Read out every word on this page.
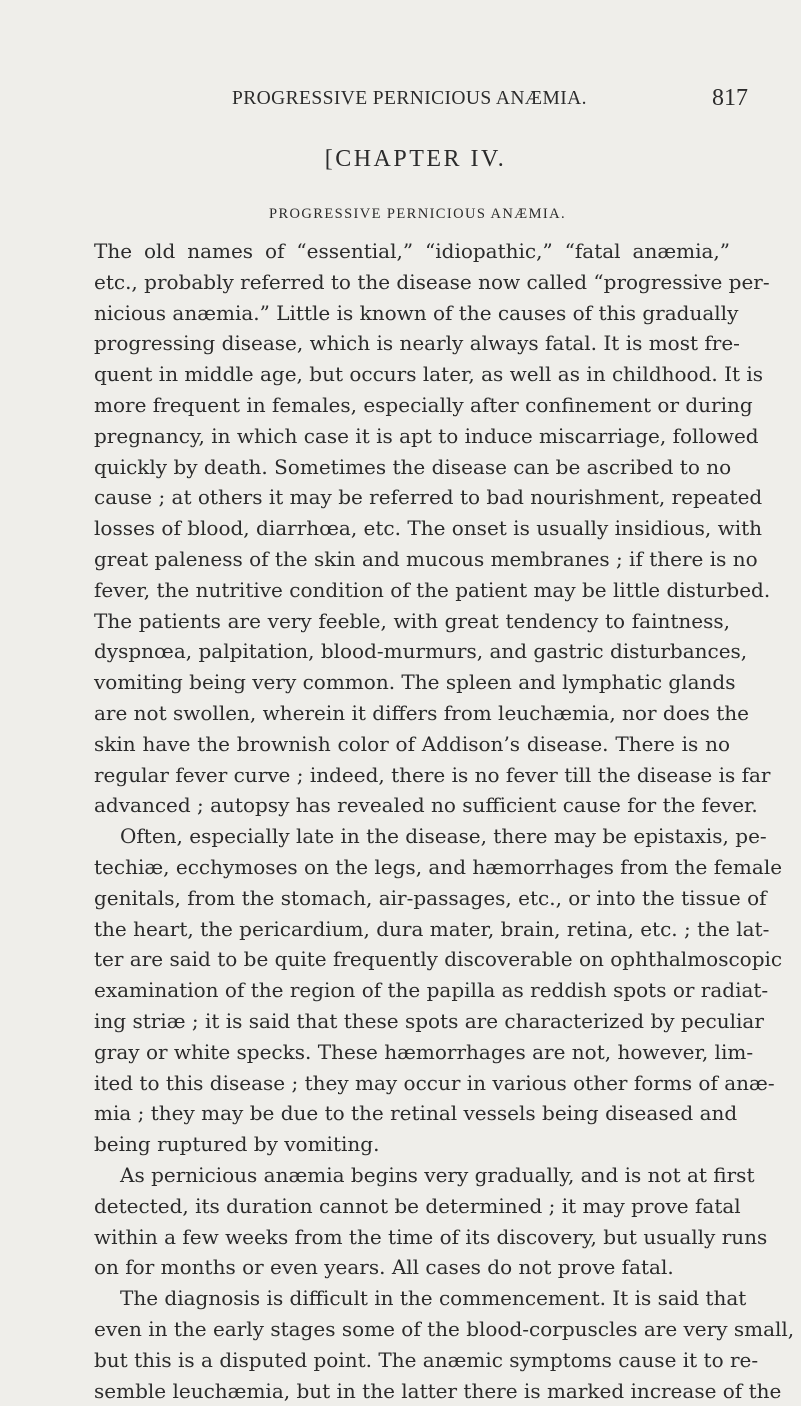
PROGRESSIVE PERNICIOUS ANÆMIA.	817
[CHAPTER IV.
PROGRESSIVE PERNICIOUS ANÆMIA.
The old names of “essential,” “idiopathic,” “fatal anæmia,”
etc., probably referred to the disease now called “progressive per-
nicious anæmia.” Little is known of the causes of this gradually
progressing disease, which is nearly always fatal. It is most fre-
quent in middle age, but occurs later, as well as in childhood. It is
more frequent in females, especially after confinement or during
pregnancy, in which case it is apt to induce miscarriage, followed
quickly by death. Sometimes the disease can be ascribed to no
cause ; at others it may be referred to bad nourishment, repeated
losses of blood, diarrhœa, etc. The onset is usually insidious, with
great paleness of the skin and mucous membranes ; if there is no
fever, the nutritive condition of the patient may be little disturbed.
The patients are very feeble, with great tendency to faintness,
dyspnœa, palpitation, blood-murmurs, and gastric disturbances,
vomiting being very common. The spleen and lymphatic glands
are not swollen, wherein it differs from leuchæmia, nor does the
skin have the brownish color of Addison’s disease. There is no
regular fever curve ; indeed, there is no fever till the disease is far
advanced ; autopsy has revealed no sufficient cause for the fever.
Often, especially late in the disease, there may be epistaxis, pe-
techiæ, ecchymoses on the legs, and hæmorrhages from the female
genitals, from the stomach, air-passages, etc., or into the tissue of
the heart, the pericardium, dura mater, brain, retina, etc. ; the lat-
ter are said to be quite frequently discoverable on ophthalmoscopic
examination of the region of the papilla as reddish spots or radiat-
ing striæ ; it is said that these spots are characterized by peculiar
gray or white specks. These hæmorrhages are not, however, lim-
ited to this disease ; they may occur in various other forms of anæ-
mia ; they may be due to the retinal vessels being diseased and
being ruptured by vomiting.
As pernicious anæmia begins very gradually, and is not at first
detected, its duration cannot be determined ; it may prove fatal
within a few weeks from the time of its discovery, but usually runs
on for months or even years. All cases do not prove fatal.
The diagnosis is difficult in the commencement. It is said that
even in the early stages some of the blood-corpuscles are very small,
but this is a disputed point. The anæmic symptoms cause it to re-
semble leuchæmia, but in the latter there is marked increase of the
